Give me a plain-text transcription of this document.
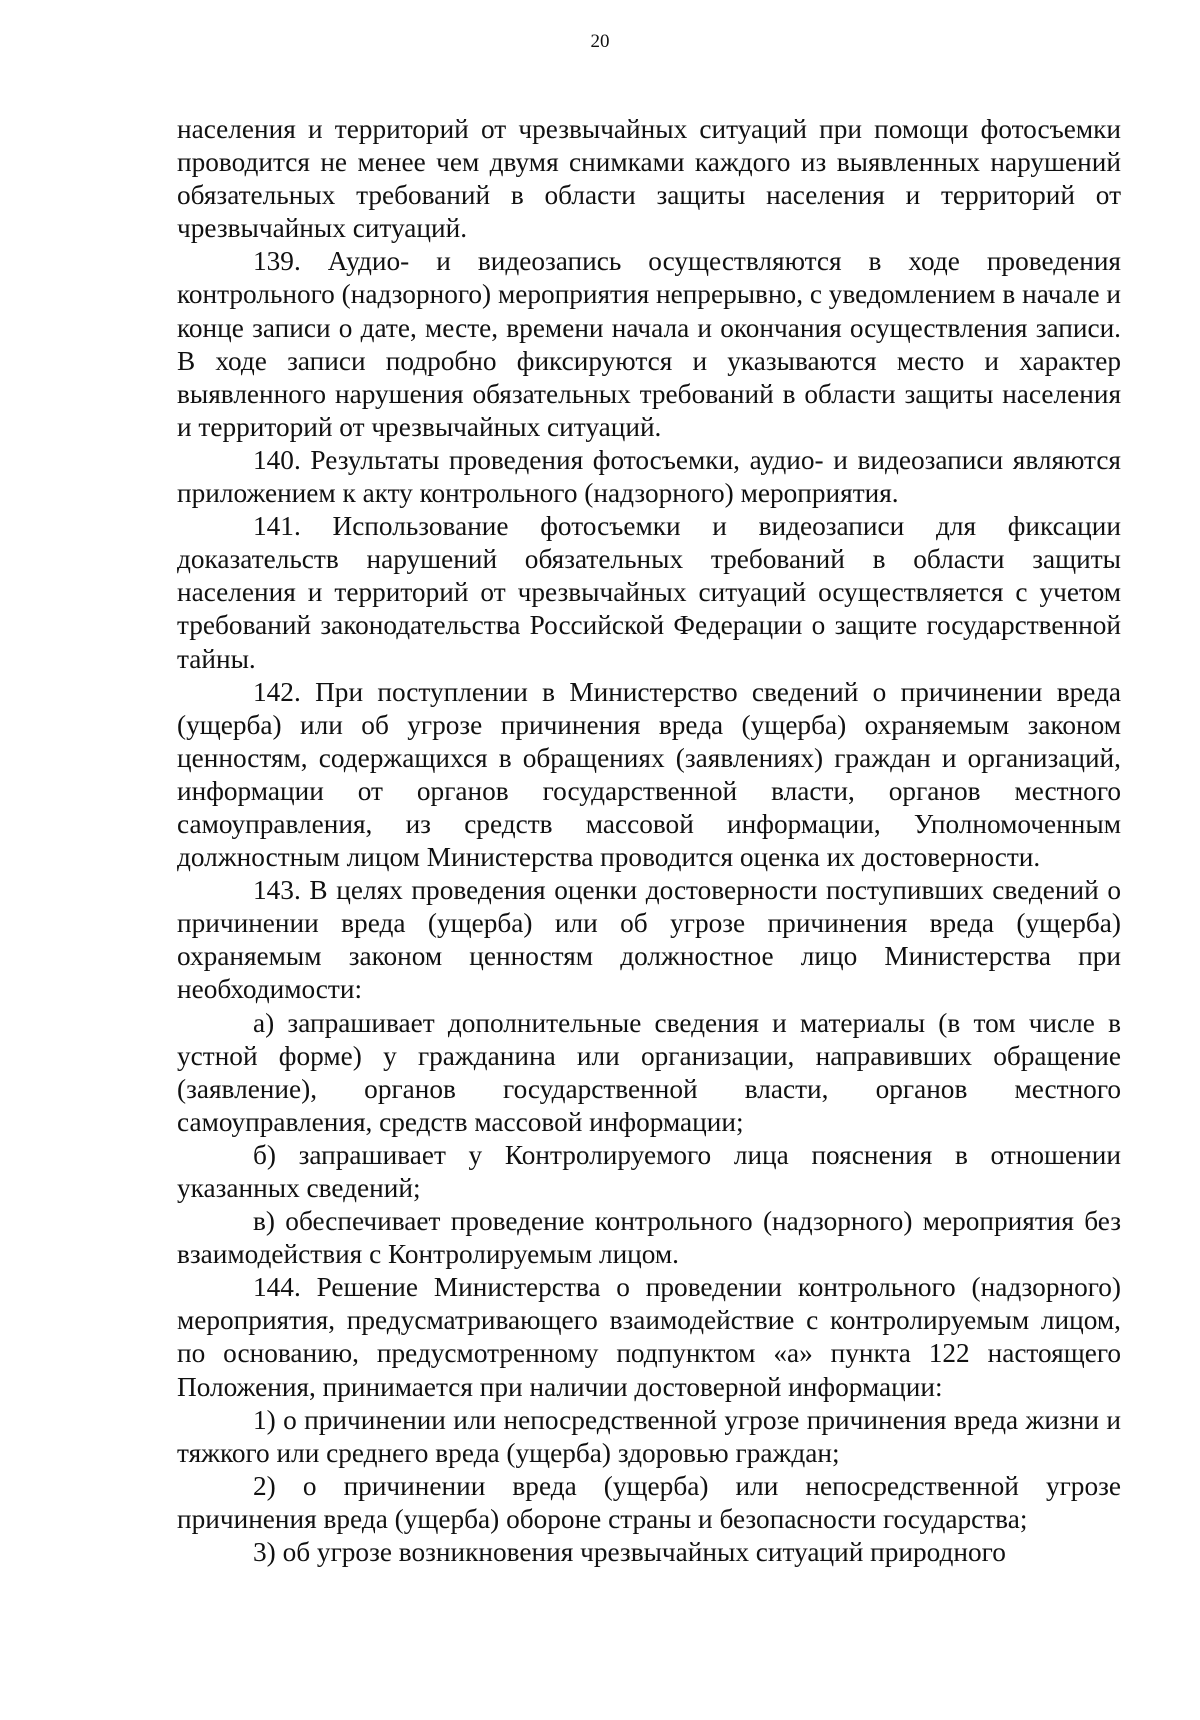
20

населения и территорий от чрезвычайных ситуаций при помощи фотосъемки проводится не менее чем двумя снимками каждого из выявленных нарушений обязательных требований в области защиты населения и территорий от чрезвычайных ситуаций.

139. Аудио- и видеозапись осуществляются в ходе проведения контрольного (надзорного) мероприятия непрерывно, с уведомлением в начале и конце записи о дате, месте, времени начала и окончания осуществления записи. В ходе записи подробно фиксируются и указываются место и характер выявленного нарушения обязательных требований в области защиты населения и территорий от чрезвычайных ситуаций.

140. Результаты проведения фотосъемки, аудио- и видеозаписи являются приложением к акту контрольного (надзорного) мероприятия.

141. Использование фотосъемки и видеозаписи для фиксации доказательств нарушений обязательных требований в области защиты населения и территорий от чрезвычайных ситуаций осуществляется с учетом требований законодательства Российской Федерации о защите государственной тайны.

142. При поступлении в Министерство сведений о причинении вреда (ущерба) или об угрозе причинения вреда (ущерба) охраняемым законом ценностям, содержащихся в обращениях (заявлениях) граждан и организаций, информации от органов государственной власти, органов местного самоуправления, из средств массовой информации, Уполномоченным должностным лицом Министерства проводится оценка их достоверности.

143. В целях проведения оценки достоверности поступивших сведений о причинении вреда (ущерба) или об угрозе причинения вреда (ущерба) охраняемым законом ценностям должностное лицо Министерства при необходимости:

а) запрашивает дополнительные сведения и материалы (в том числе в устной форме) у гражданина или организации, направивших обращение (заявление), органов государственной власти, органов местного самоуправления, средств массовой информации;

б) запрашивает у Контролируемого лица пояснения в отношении указанных сведений;

в) обеспечивает проведение контрольного (надзорного) мероприятия без взаимодействия с Контролируемым лицом.

144. Решение Министерства о проведении контрольного (надзорного) мероприятия, предусматривающего взаимодействие с контролируемым лицом, по основанию, предусмотренному подпунктом «а» пункта 122 настоящего Положения, принимается при наличии достоверной информации:

1) о причинении или непосредственной угрозе причинения вреда жизни и тяжкого или среднего вреда (ущерба) здоровью граждан;

2) о причинении вреда (ущерба) или непосредственной угрозе причинения вреда (ущерба) обороне страны и безопасности государства;

3) об угрозе возникновения чрезвычайных ситуаций природного
